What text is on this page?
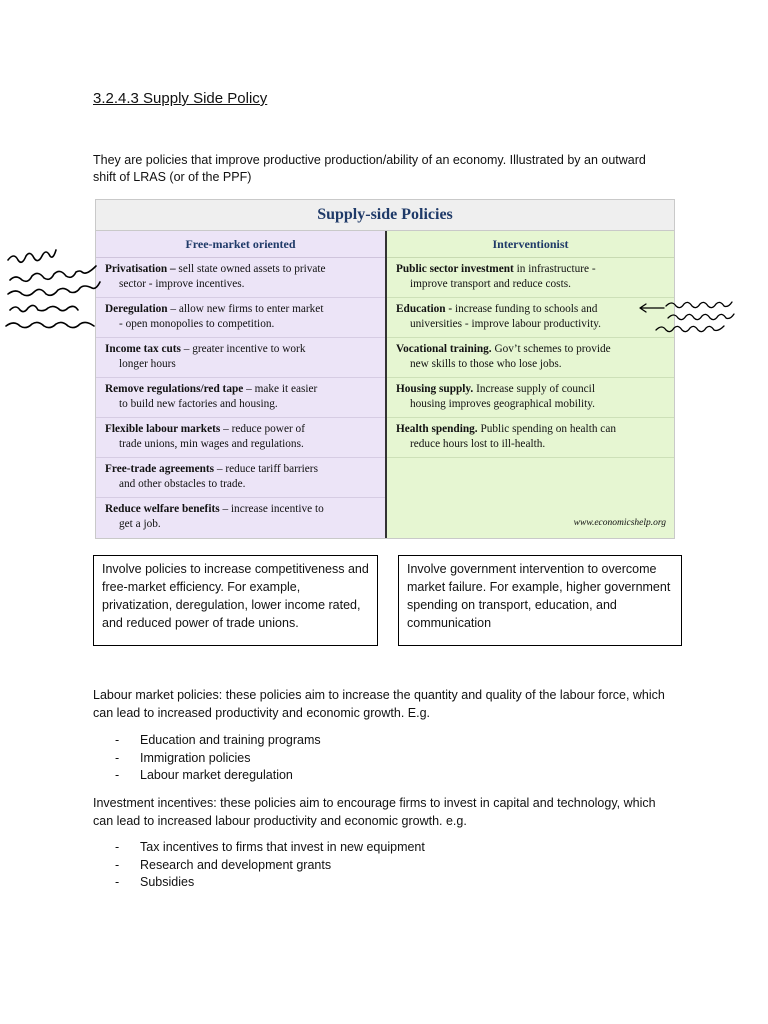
3.2.4.3 Supply Side Policy
They are policies that improve productive production/ability of an economy. Illustrated by an outward shift of LRAS (or of the PPF)
Supply-side Policies
Free-market oriented
Privatisation – sell state owned assets to private
sector - improve incentives.
Deregulation – allow new firms to enter market
- open monopolies to competition.
Income tax cuts – greater incentive to work
longer hours
Remove regulations/red tape – make it easier
to build new factories and housing.
Flexible labour markets – reduce power of
trade unions, min wages and regulations.
Free-trade agreements – reduce tariff barriers
and other obstacles to trade.
Reduce welfare benefits – increase incentive to
get a job.
Interventionist
Public sector investment in infrastructure -
improve transport and reduce costs.
Education - increase funding to schools and
universities - improve labour productivity.
Vocational training. Gov’t schemes to provide
new skills to those who lose jobs.
Housing supply. Increase supply of council
housing improves geographical mobility.
Health spending. Public spending on health can
reduce hours lost to ill-health.
www.economicshelp.org
Involve policies to increase competitiveness and free-market efficiency. For example, privatization, deregulation, lower income rated, and reduced power of trade unions.
Involve government intervention to overcome market failure. For example, higher government spending on transport, education, and communication
Labour market policies: these policies aim to increase the quantity and quality of the labour force, which can lead to increased productivity and economic growth. E.g.
- Education and training programs
- Immigration policies
- Labour market deregulation
Investment incentives: these policies aim to encourage firms to invest in capital and technology, which can lead to increased labour productivity and economic growth. e.g.
- Tax incentives to firms that invest in new equipment
- Research and development grants
- Subsidies
